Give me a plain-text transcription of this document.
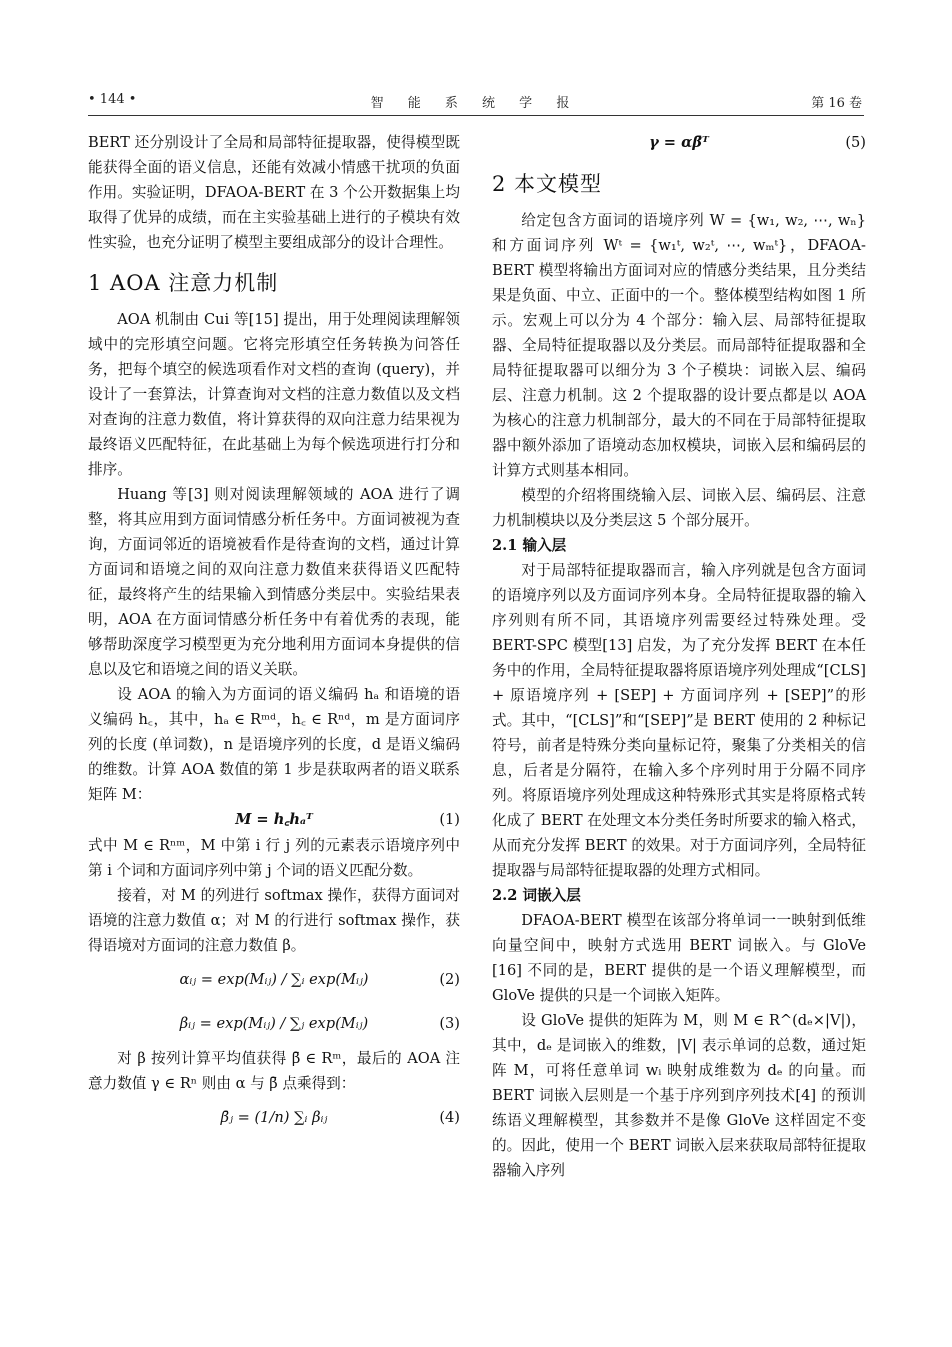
• 144 •	智 能 系 统 学 报	第 16 卷

BERT 还分别设计了全局和局部特征提取器，使得模型既能获得全面的语义信息，还能有效减小情感干扰项的负面作用。实验证明，DFAOA-BERT 在 3 个公开数据集上均取得了优异的成绩，而在主实验基础上进行的子模块有效性实验，也充分证明了模型主要组成部分的设计合理性。

1 AOA 注意力机制

AOA 机制由 Cui 等[15] 提出，用于处理阅读理解领域中的完形填空问题。它将完形填空任务转换为问答任务，把每个填空的候选项看作对文档的查询 (query)，并设计了一套算法，计算查询对文档的注意力数值以及文档对查询的注意力数值，将计算获得的双向注意力结果视为最终语义匹配特征，在此基础上为每个候选项进行打分和排序。

Huang 等[3] 则对阅读理解领域的 AOA 进行了调整，将其应用到方面词情感分析任务中。方面词被视为查询，方面词邻近的语境被看作是待查询的文档，通过计算方面词和语境之间的双向注意力数值来获得语义匹配特征，最终将产生的结果输入到情感分类层中。实验结果表明，AOA 在方面词情感分析任务中有着优秀的表现，能够帮助深度学习模型更为充分地利用方面词本身提供的信息以及它和语境之间的语义关联。

设 AOA 的输入为方面词的语义编码 hₐ 和语境的语义编码 h꜀，其中，hₐ ∈ Rᵐᵈ，h꜀ ∈ Rⁿᵈ，m 是方面词序列的长度 (单词数)，n 是语境序列的长度，d 是语义编码的维数。计算 AOA 数值的第 1 步是获取两者的语义联系矩阵 M：

M = h꜀hₐᵀ	(1)

式中 M ∈ Rⁿᵐ，M 中第 i 行 j 列的元素表示语境序列中第 i 个词和方面词序列中第 j 个词的语义匹配分数。

接着，对 M 的列进行 softmax 操作，获得方面词对语境的注意力数值 α；对 M 的行进行 softmax 操作，获得语境对方面词的注意力数值 β。

αᵢⱼ = exp(Mᵢⱼ) / ∑ᵢ exp(Mᵢⱼ)	(2)
βᵢⱼ = exp(Mᵢⱼ) / ∑ⱼ exp(Mᵢⱼ)	(3)

对 β 按列计算平均值获得 β̄ ∈ Rᵐ，最后的 AOA 注意力数值 γ ∈ Rⁿ 则由 α 与 β̄ 点乘得到：

β̄ⱼ = (1/n) ∑ᵢ βᵢⱼ	(4)
γ = αβ̄ᵀ	(5)
2 本文模型

给定包含方面词的语境序列 W = {w₁, w₂, ⋯, wₙ} 和方面词序列 Wᵗ = {w₁ᵗ, w₂ᵗ, ⋯, wₘᵗ}，DFAOA-BERT 模型将输出方面词对应的情感分类结果，且分类结果是负面、中立、正面中的一个。整体模型结构如图 1 所示。宏观上可以分为 4 个部分：输入层、局部特征提取器、全局特征提取器以及分类层。而局部特征提取器和全局特征提取器可以细分为 3 个子模块：词嵌入层、编码层、注意力机制。这 2 个提取器的设计要点都是以 AOA 为核心的注意力机制部分，最大的不同在于局部特征提取器中额外添加了语境动态加权模块，词嵌入层和编码层的计算方式则基本相同。

模型的介绍将围绕输入层、词嵌入层、编码层、注意力机制模块以及分类层这 5 个部分展开。

2.1 输入层

对于局部特征提取器而言，输入序列就是包含方面词的语境序列以及方面词序列本身。全局特征提取器的输入序列则有所不同，其语境序列需要经过特殊处理。受 BERT-SPC 模型[13] 启发，为了充分发挥 BERT 在本任务中的作用，全局特征提取器将原语境序列处理成“[CLS] + 原语境序列 + [SEP] + 方面词序列 + [SEP]”的形式。其中，“[CLS]”和“[SEP]”是 BERT 使用的 2 种标记符号，前者是特殊分类向量标记符，聚集了分类相关的信息，后者是分隔符，在输入多个序列时用于分隔不同序列。将原语境序列处理成这种特殊形式其实是将原格式转化成了 BERT 在处理文本分类任务时所要求的输入格式，从而充分发挥 BERT 的效果。对于方面词序列，全局特征提取器与局部特征提取器的处理方式相同。

2.2 词嵌入层

DFAOA-BERT 模型在该部分将单词一一映射到低维向量空间中，映射方式选用 BERT 词嵌入。与 GloVe [16] 不同的是，BERT 提供的是一个语义理解模型，而 GloVe 提供的只是一个词嵌入矩阵。

设 GloVe 提供的矩阵为 M，则 M ∈ R^(dₑ×|V|)，其中，dₑ 是词嵌入的维数，|V| 表示单词的总数，通过矩阵 M，可将任意单词 wᵢ 映射成维数为 dₑ 的向量。而 BERT 词嵌入层则是一个基于序列到序列技术[4] 的预训练语义理解模型，其参数并不是像 GloVe 这样固定不变的。因此，使用一个 BERT 词嵌入层来获取局部特征提取器输入序列
